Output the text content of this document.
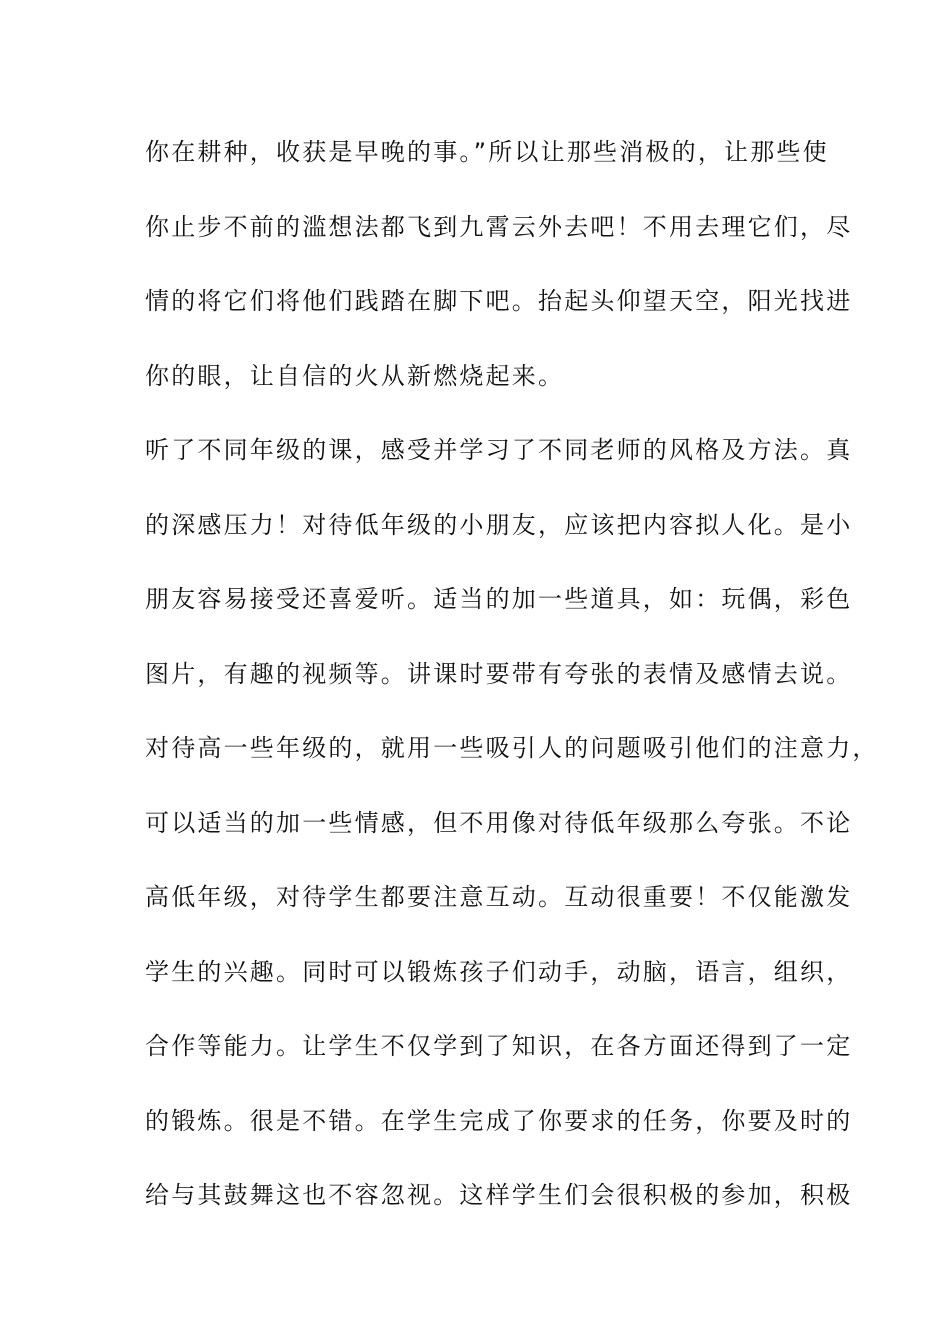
你在耕种，收获是早晚的事。”所以让那些消极的，让那些使
你止步不前的滥想法都飞到九霄云外去吧！不用去理它们，尽
情的将它们将他们践踏在脚下吧。抬起头仰望天空，阳光找进
你的眼，让自信的火从新燃烧起来。
听了不同年级的课，感受并学习了不同老师的风格及方法。真
的深感压力！对待低年级的小朋友，应该把内容拟人化。是小
朋友容易接受还喜爱听。适当的加一些道具，如：玩偶，彩色
图片，有趣的视频等。讲课时要带有夸张的表情及感情去说。
对待高一些年级的，就用一些吸引人的问题吸引他们的注意力，
可以适当的加一些情感，但不用像对待低年级那么夸张。不论
高低年级，对待学生都要注意互动。互动很重要！不仅能激发
学生的兴趣。同时可以锻炼孩子们动手，动脑，语言，组织，
合作等能力。让学生不仅学到了知识，在各方面还得到了一定
的锻炼。很是不错。在学生完成了你要求的任务，你要及时的
给与其鼓舞这也不容忽视。这样学生们会很积极的参加，积极
